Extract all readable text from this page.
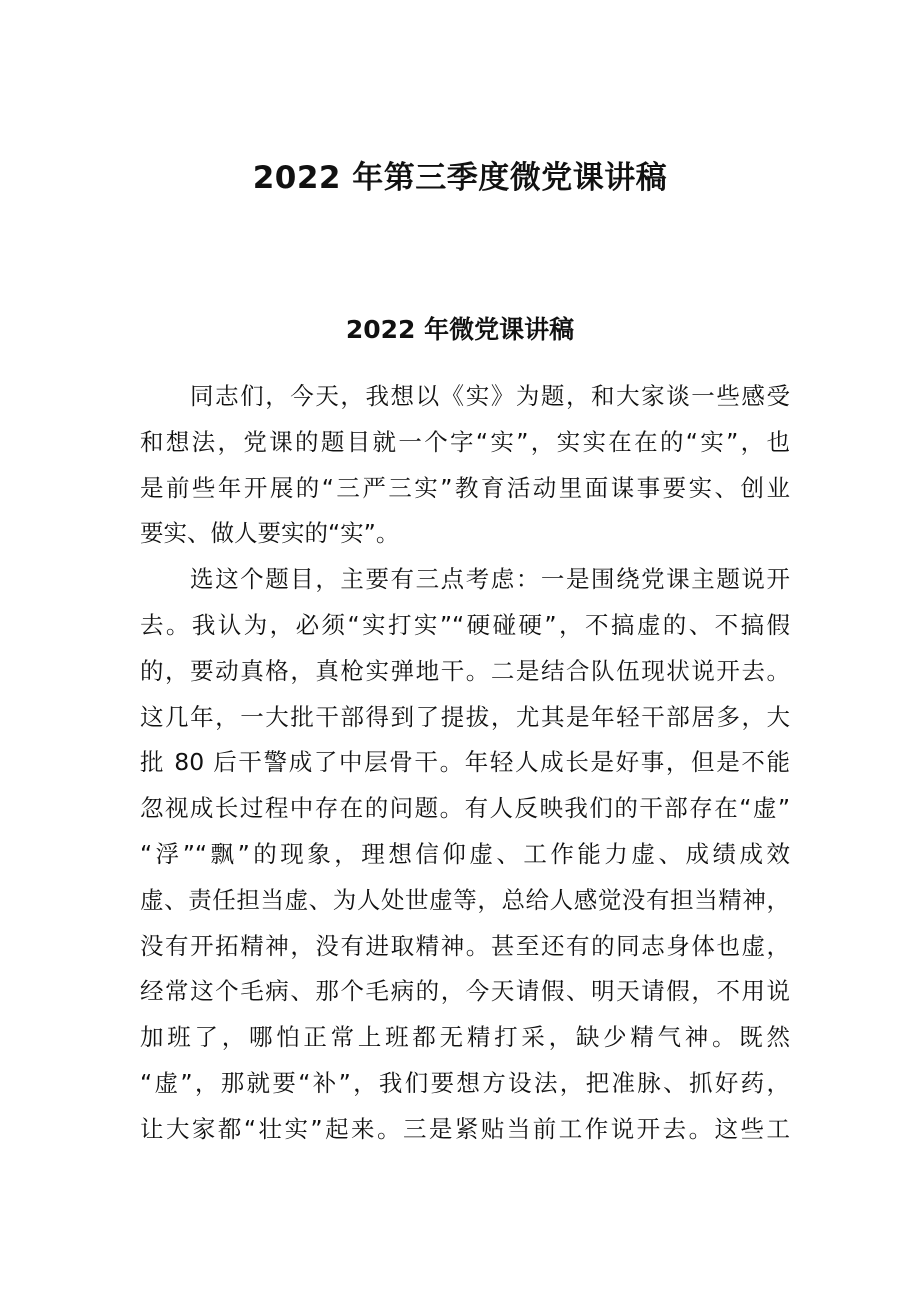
2022 年第三季度微党课讲稿
2022 年微党课讲稿

同志们，今天，我想以《实》为题，和大家谈一些感受
和想法，党课的题目就一个字“实”，实实在在的“实”，也
是前些年开展的“三严三实”教育活动里面谋事要实、创业
要实、做人要实的“实”。

选这个题目，主要有三点考虑：一是围绕党课主题说开
去。我认为，必须“实打实”“硬碰硬”，不搞虚的、不搞假
的，要动真格，真枪实弹地干。二是结合队伍现状说开去。
这几年，一大批干部得到了提拔，尤其是年轻干部居多，大
批 80 后干警成了中层骨干。年轻人成长是好事，但是不能
忽视成长过程中存在的问题。有人反映我们的干部存在“虚”
“浮”“飘”的现象，理想信仰虚、工作能力虚、成绩成效
虚、责任担当虚、为人处世虚等，总给人感觉没有担当精神，
没有开拓精神，没有进取精神。甚至还有的同志身体也虚，
经常这个毛病、那个毛病的，今天请假、明天请假，不用说
加班了，哪怕正常上班都无精打采，缺少精气神。既然
“虚”，那就要“补”，我们要想方设法，把准脉、抓好药，
让大家都“壮实”起来。三是紧贴当前工作说开去。这些工
